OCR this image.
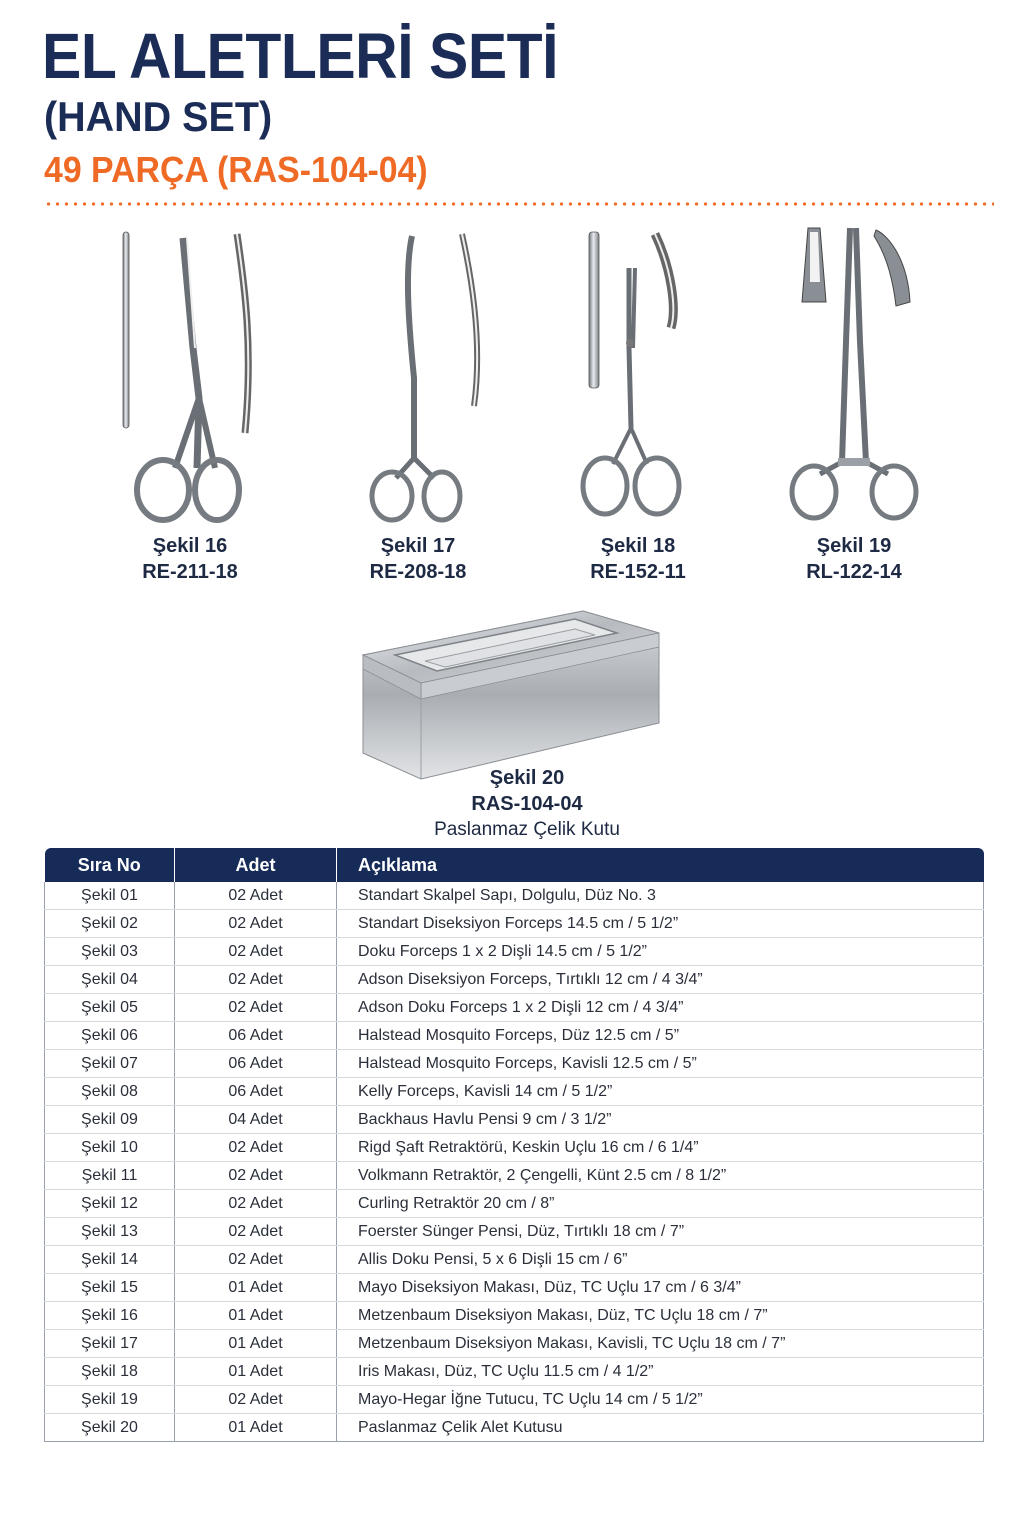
EL ALETLERİ SETİ
(HAND SET)
49 PARÇA (RAS-104-04)
Şekil 16
RE-211-18
Şekil 17
RE-208-18
Şekil 18
RE-152-11
Şekil 19
RL-122-14
Şekil 20
RAS-104-04
Paslanmaz Çelik Kutu
Sıra No	Adet	Açıklama
Şekil 01	02 Adet	Standart Skalpel Sapı, Dolgulu, Düz No. 3
Şekil 02	02 Adet	Standart Diseksiyon Forceps 14.5 cm / 5 1/2”
Şekil 03	02 Adet	Doku Forceps 1 x 2 Dişli 14.5 cm / 5 1/2”
Şekil 04	02 Adet	Adson Diseksiyon Forceps, Tırtıklı 12 cm / 4 3/4”
Şekil 05	02 Adet	Adson Doku Forceps 1 x 2 Dişli 12 cm / 4 3/4”
Şekil 06	06 Adet	Halstead Mosquito Forceps, Düz 12.5 cm / 5”
Şekil 07	06 Adet	Halstead Mosquito Forceps, Kavisli 12.5 cm / 5”
Şekil 08	06 Adet	Kelly Forceps, Kavisli 14 cm / 5 1/2”
Şekil 09	04 Adet	Backhaus Havlu Pensi 9 cm / 3 1/2”
Şekil 10	02 Adet	Rigd Şaft Retraktörü, Keskin Uçlu 16 cm / 6 1/4”
Şekil 11	02 Adet	Volkmann Retraktör, 2 Çengelli, Künt 2.5 cm / 8 1/2”
Şekil 12	02 Adet	Curling Retraktör 20 cm / 8”
Şekil 13	02 Adet	Foerster Sünger Pensi, Düz, Tırtıklı 18 cm / 7”
Şekil 14	02 Adet	Allis Doku Pensi, 5 x 6 Dişli 15 cm / 6”
Şekil 15	01 Adet	Mayo Diseksiyon Makası, Düz, TC Uçlu 17 cm / 6 3/4”
Şekil 16	01 Adet	Metzenbaum Diseksiyon Makası, Düz, TC Uçlu 18 cm / 7”
Şekil 17	01 Adet	Metzenbaum Diseksiyon Makası, Kavisli, TC Uçlu 18 cm / 7”
Şekil 18	01 Adet	Iris Makası, Düz, TC Uçlu 11.5 cm / 4 1/2”
Şekil 19	02 Adet	Mayo-Hegar İğne Tutucu, TC Uçlu 14 cm / 5 1/2”
Şekil 20	01 Adet	Paslanmaz Çelik Alet Kutusu
